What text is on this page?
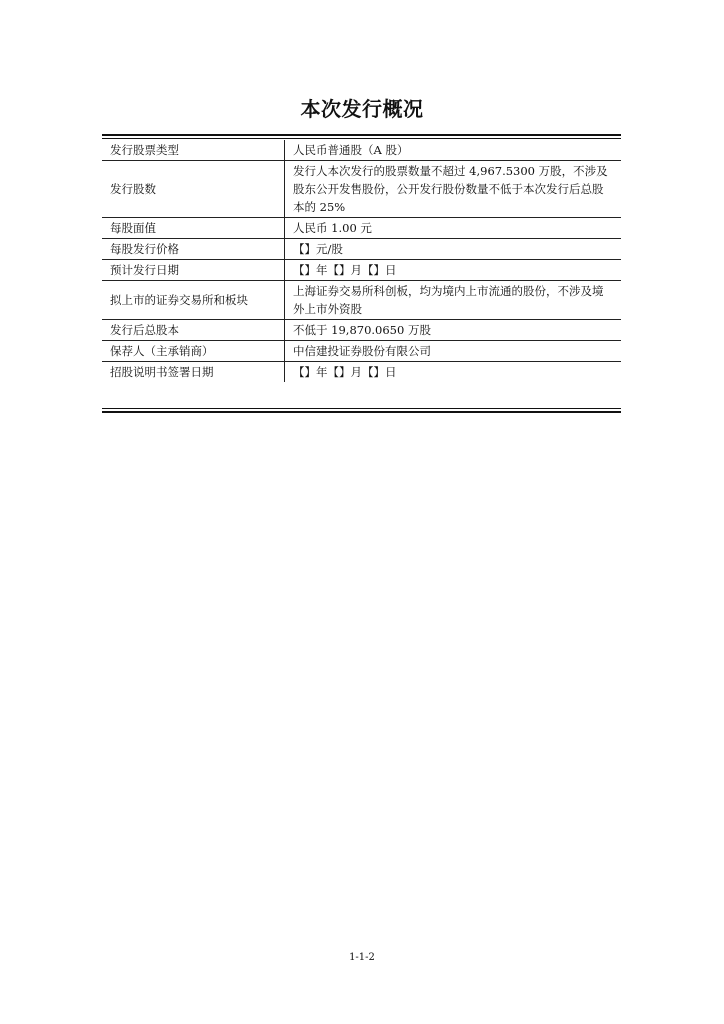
本次发行概况
发行股票类型	人民币普通股（A 股）
发行股数	发行人本次发行的股票数量不超过 4,967.5300 万股，不涉及股东公开发售股份，公开发行股份数量不低于本次发行后总股本的 25%
每股面值	人民币 1.00 元
每股发行价格	【】元/股
预计发行日期	【】年【】月【】日
拟上市的证券交易所和板块	上海证券交易所科创板，均为境内上市流通的股份，不涉及境外上市外资股
发行后总股本	不低于 19,870.0650 万股
保荐人（主承销商）	中信建投证券股份有限公司
招股说明书签署日期	【】年【】月【】日
1-1-2
